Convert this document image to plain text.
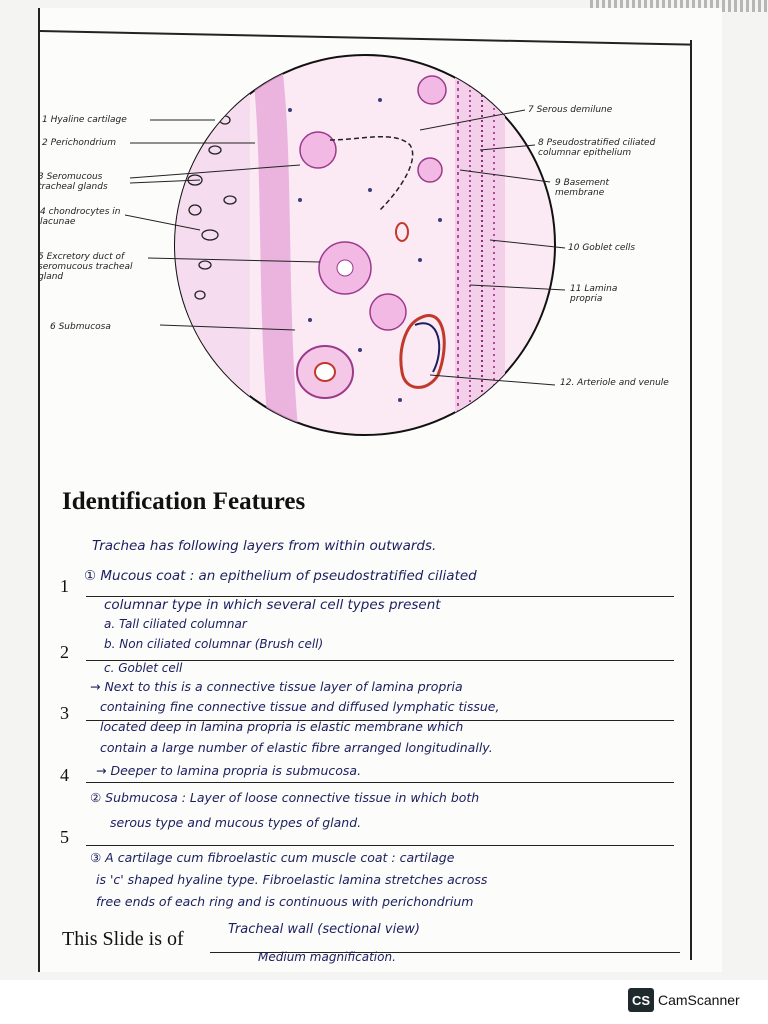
1 Hyaline cartilage
2 Perichondrium
3 Seromucous tracheal glands
4 chondrocytes in lacunae
5 Excretory duct of seromucous tracheal gland
6 Submucosa
7 Serous demilune
8 Pseudostratified ciliated columnar epithelium
9 Basement membrane
10 Goblet cells
11 Lamina propria
12. Arteriole and venule
Identification Features
1
2
3
4
5
Trachea has following layers from within outwards.
① Mucous coat : an epithelium of pseudostratified ciliated
columnar type in which several cell types present
a. Tall ciliated columnar
b. Non ciliated columnar (Brush cell)
c. Goblet cell
→ Next to this is a connective tissue layer of lamina propria
containing fine connective tissue and diffused lymphatic tissue,
located deep in lamina propria is elastic membrane which
contain a large number of elastic fibre arranged longitudinally.
→ Deeper to lamina propria is submucosa.
② Submucosa : Layer of loose connective tissue in which both
serous type and mucous types of gland.
③ A cartilage cum fibroelastic cum muscle coat : cartilage
is 'c' shaped hyaline type. Fibroelastic lamina stretches across
free ends of each ring and is continuous with perichondrium
This Slide is of	Tracheal wall (sectional view)
Medium magnification.
CS CamScanner
